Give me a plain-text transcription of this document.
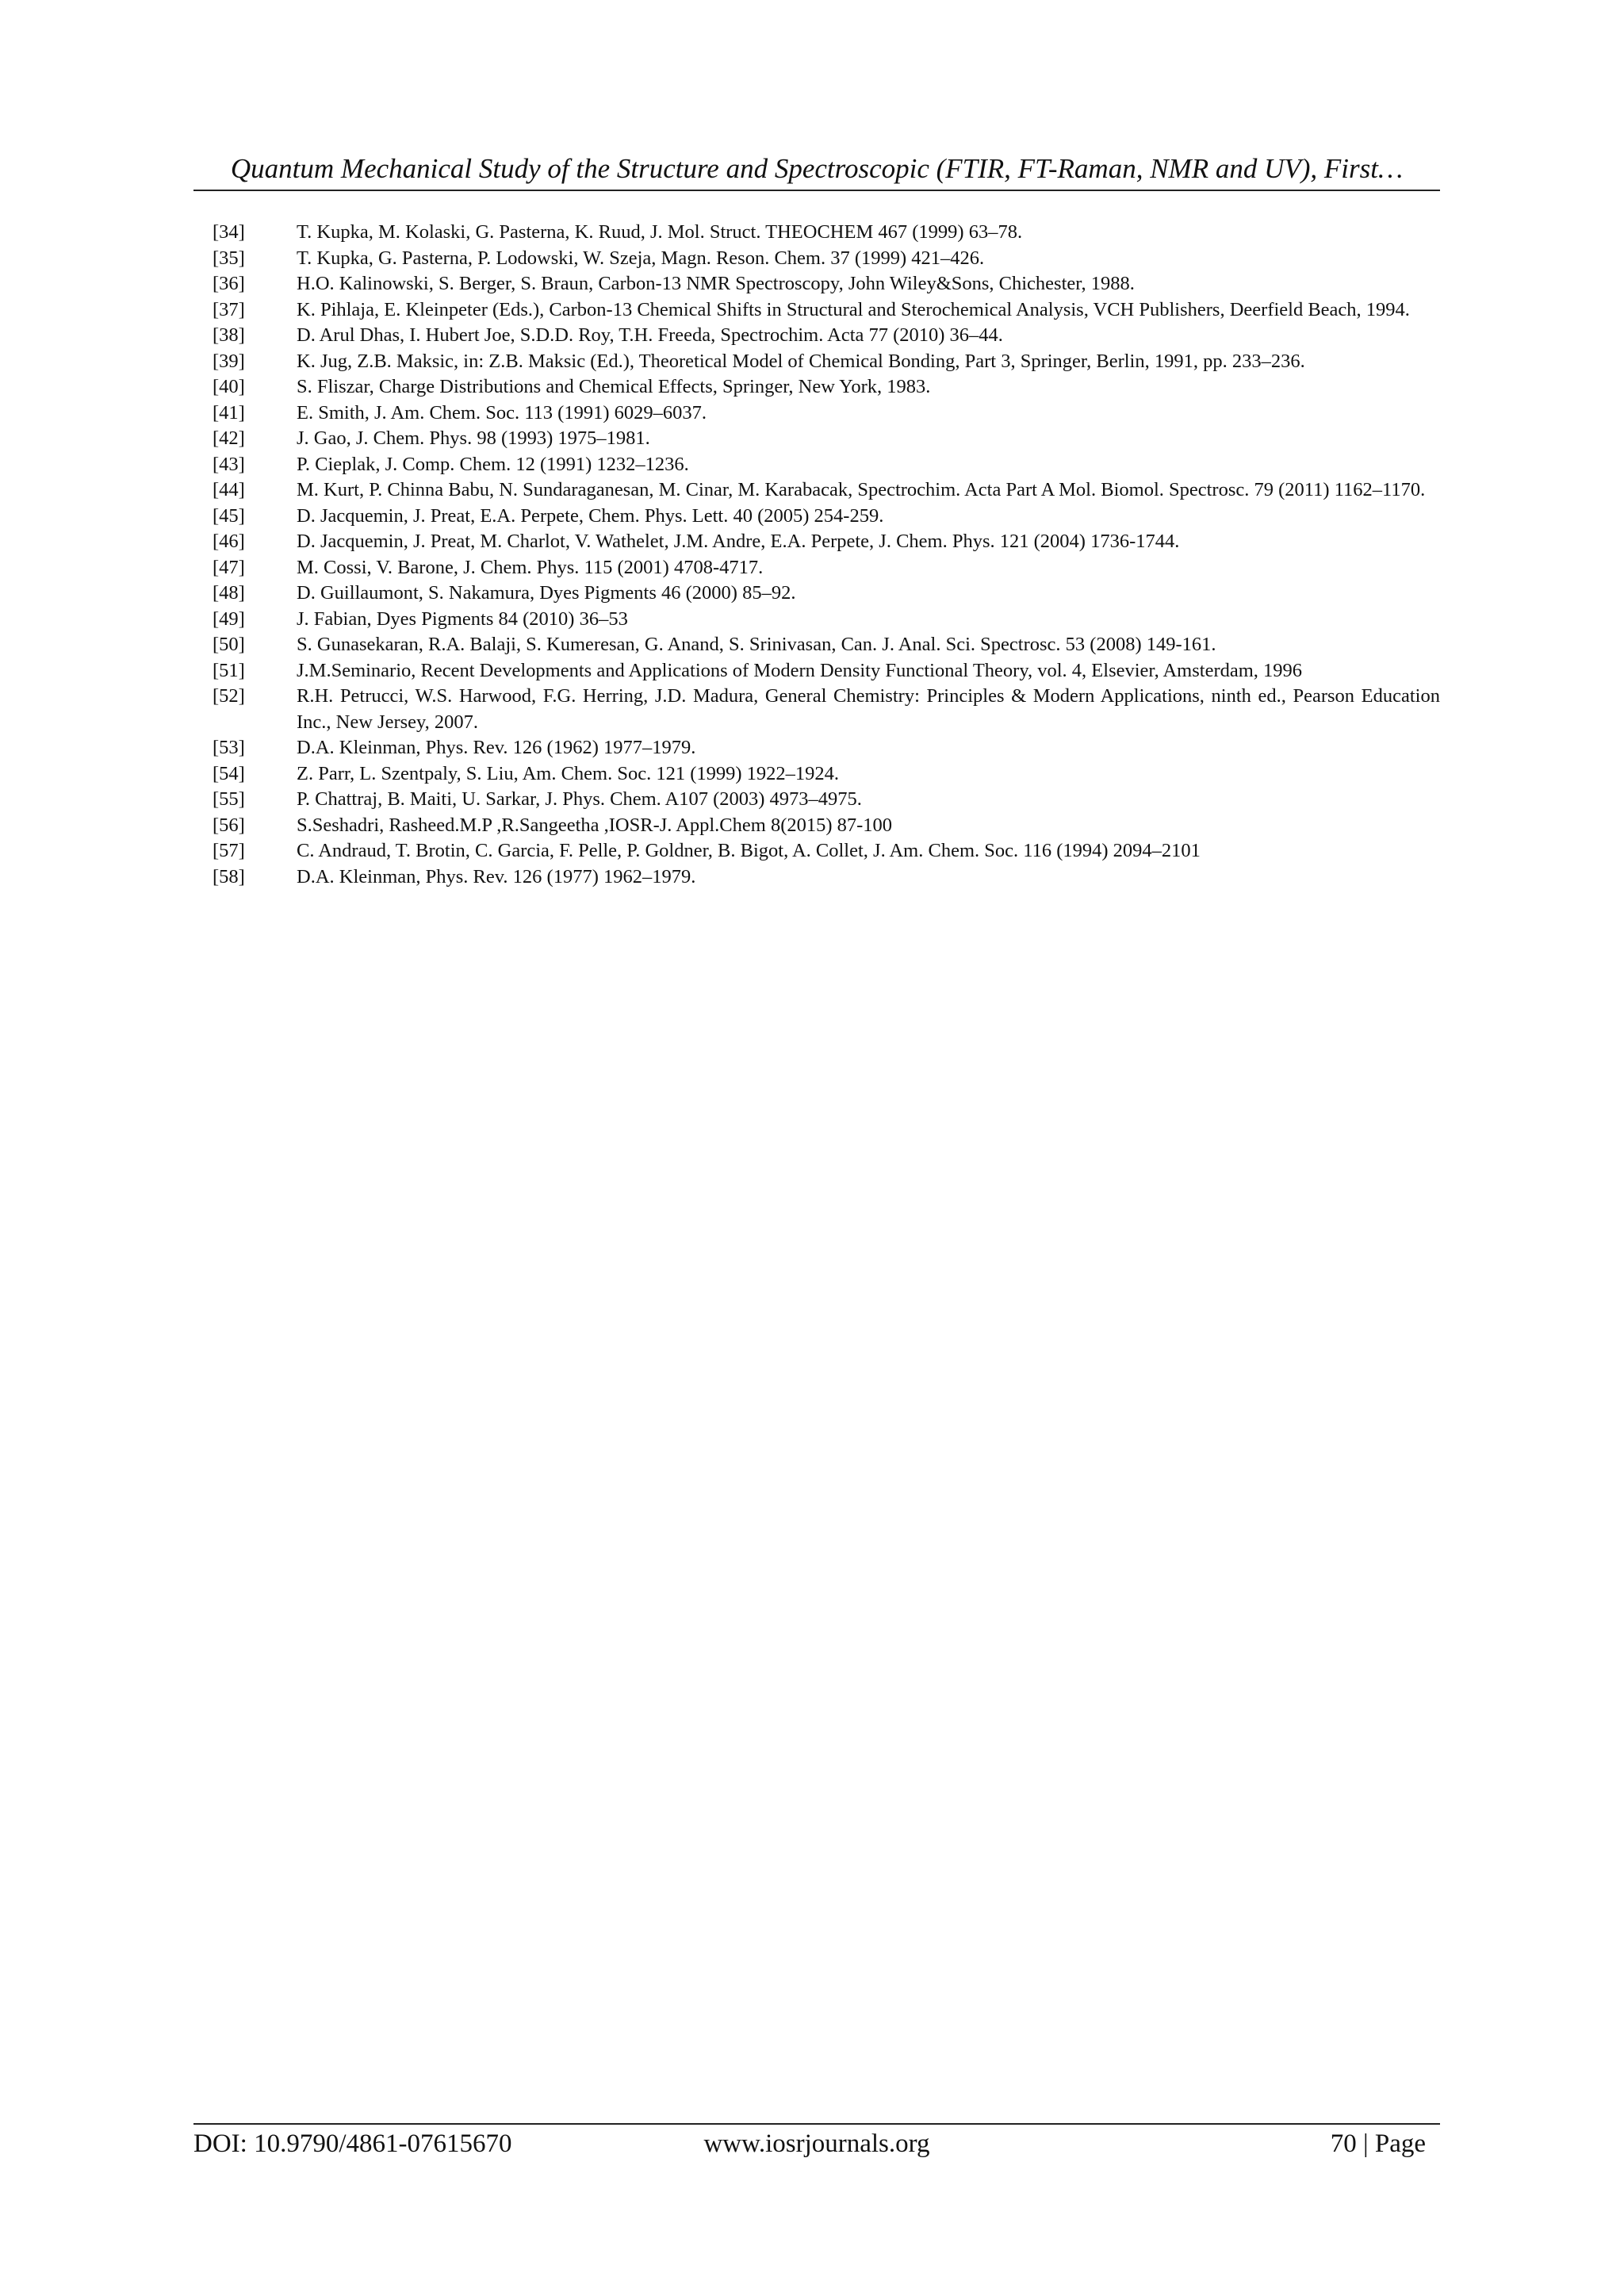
Quantum Mechanical Study of the Structure and Spectroscopic (FTIR, FT-Raman, NMR and UV), First…
[34]	T. Kupka, M. Kolaski, G. Pasterna, K. Ruud, J. Mol. Struct. THEOCHEM 467 (1999) 63–78.
[35]	T. Kupka, G. Pasterna, P. Lodowski, W. Szeja, Magn. Reson. Chem. 37 (1999) 421–426.
[36]	H.O. Kalinowski, S. Berger, S. Braun, Carbon-13 NMR Spectroscopy, John Wiley&Sons, Chichester, 1988.
[37]	K. Pihlaja, E. Kleinpeter (Eds.), Carbon-13 Chemical Shifts in Structural and Sterochemical Analysis, VCH Publishers, Deerfield Beach, 1994.
[38]	D. Arul Dhas, I. Hubert Joe, S.D.D. Roy, T.H. Freeda, Spectrochim. Acta 77 (2010) 36–44.
[39]	K. Jug, Z.B. Maksic, in: Z.B. Maksic (Ed.), Theoretical Model of Chemical Bonding, Part 3, Springer, Berlin, 1991, pp. 233–236.
[40]	S. Fliszar, Charge Distributions and Chemical Effects, Springer, New York, 1983.
[41]	E. Smith, J. Am. Chem. Soc. 113 (1991) 6029–6037.
[42]	J. Gao, J. Chem. Phys. 98 (1993) 1975–1981.
[43]	P. Cieplak, J. Comp. Chem. 12 (1991) 1232–1236.
[44]	M. Kurt, P. Chinna Babu, N. Sundaraganesan, M. Cinar, M. Karabacak, Spectrochim. Acta Part A Mol. Biomol. Spectrosc. 79 (2011) 1162–1170.
[45]	D. Jacquemin, J. Preat, E.A. Perpete, Chem. Phys. Lett. 40 (2005) 254-259.
[46]	D. Jacquemin, J. Preat, M. Charlot, V. Wathelet, J.M. Andre, E.A. Perpete, J. Chem. Phys. 121 (2004) 1736-1744.
[47]	M. Cossi, V. Barone, J. Chem. Phys. 115 (2001) 4708-4717.
[48]	D. Guillaumont, S. Nakamura, Dyes Pigments 46 (2000) 85–92.
[49]	J. Fabian, Dyes Pigments 84 (2010) 36–53
[50]	S. Gunasekaran, R.A. Balaji, S. Kumeresan, G. Anand, S. Srinivasan, Can. J. Anal. Sci. Spectrosc. 53 (2008) 149-161.
[51]	J.M.Seminario, Recent Developments and Applications of Modern Density Functional Theory, vol. 4, Elsevier, Amsterdam, 1996
[52]	R.H. Petrucci, W.S. Harwood, F.G. Herring, J.D. Madura, General Chemistry: Principles & Modern Applications, ninth ed., Pearson Education Inc., New Jersey, 2007.
[53]	D.A. Kleinman, Phys. Rev. 126 (1962) 1977–1979.
[54]	Z. Parr, L. Szentpaly, S. Liu, Am. Chem. Soc. 121 (1999) 1922–1924.
[55]	P. Chattraj, B. Maiti, U. Sarkar, J. Phys. Chem. A107 (2003) 4973–4975.
[56]	S.Seshadri, Rasheed.M.P ,R.Sangeetha ,IOSR-J. Appl.Chem 8(2015) 87-100
[57]	C. Andraud, T. Brotin, C. Garcia, F. Pelle, P. Goldner, B. Bigot, A. Collet, J. Am. Chem. Soc. 116 (1994) 2094–2101
[58]	D.A. Kleinman, Phys. Rev. 126 (1977) 1962–1979.
DOI: 10.9790/4861-07615670	www.iosrjournals.org	70 | Page
